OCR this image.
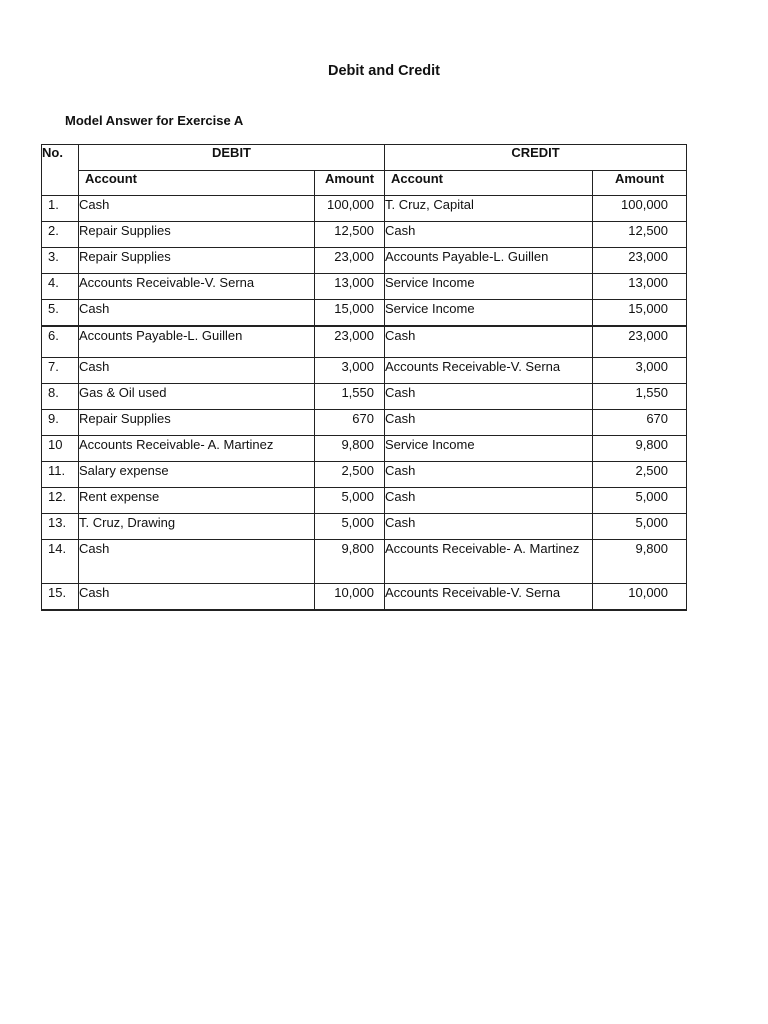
Debit and Credit
Model Answer for Exercise A
No.	DEBIT		CREDIT	
	Account	Amount	Account	Amount
1.	Cash	100,000	T. Cruz, Capital	100,000
2.	Repair Supplies	12,500	Cash	12,500
3.	Repair Supplies	23,000	Accounts Payable-L. Guillen	23,000
4.	Accounts Receivable-V. Serna	13,000	Service Income	13,000
5.	Cash	15,000	Service Income	15,000
6.	Accounts Payable-L. Guillen	23,000	Cash	23,000
7.	Cash	3,000	Accounts Receivable-V. Serna	3,000
8.	Gas & Oil used	1,550	Cash	1,550
9.	Repair Supplies	670	Cash	670
10	Accounts Receivable- A. Martinez	9,800	Service Income	9,800
11.	Salary expense	2,500	Cash	2,500
12.	Rent expense	5,000	Cash	5,000
13.	T. Cruz, Drawing	5,000	Cash	5,000
14.	Cash	9,800	Accounts Receivable- A. Martinez	9,800
15.	Cash	10,000	Accounts Receivable-V. Serna	10,000
